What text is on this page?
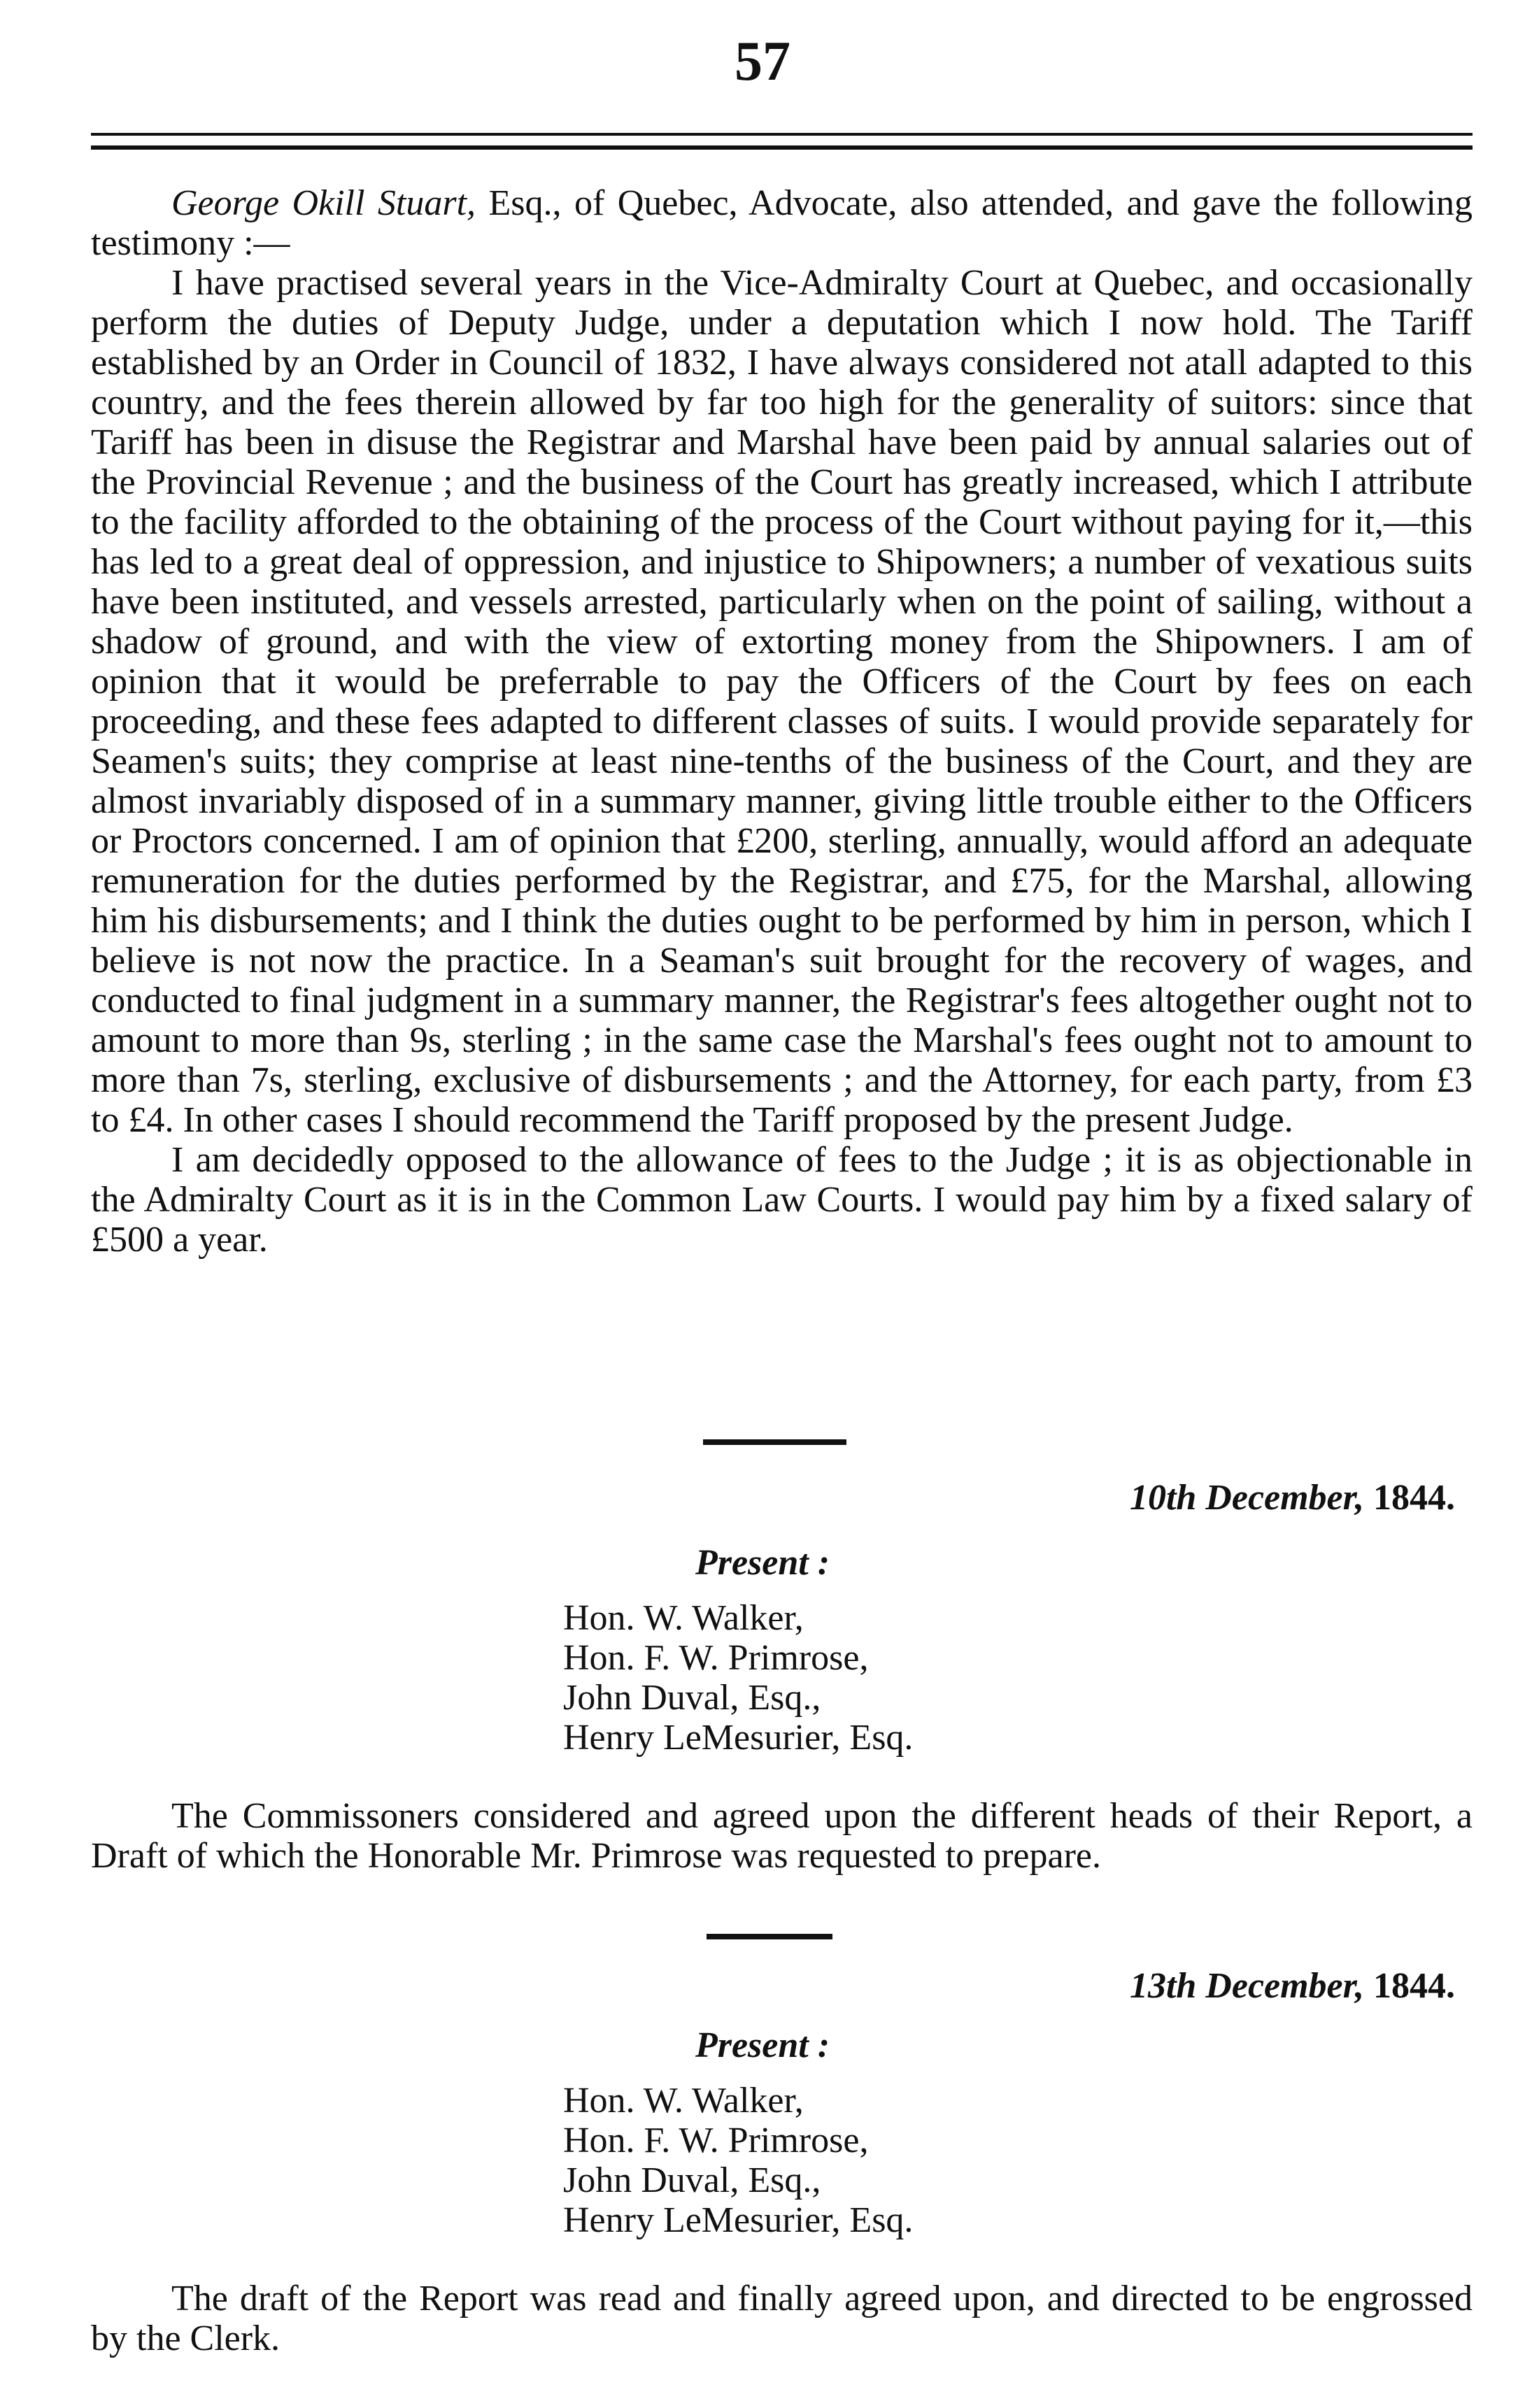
57

George Okill Stuart, Esq., of Quebec, Advocate, also attended, and gave the following testimony :—

I have practised several years in the Vice-Admiralty Court at Quebec, and occasionally perform the duties of Deputy Judge, under a deputation which I now hold. The Tariff established by an Order in Council of 1832, I have always considered not atall adapted to this country, and the fees therein allowed by far too high for the generality of suitors: since that Tariff has been in disuse the Registrar and Marshal have been paid by annual salaries out of the Provincial Revenue ; and the business of the Court has greatly increased, which I attribute to the facility afforded to the obtaining of the process of the Court without paying for it,—this has led to a great deal of oppression, and injustice to Shipowners; a number of vexatious suits have been instituted, and vessels arrested, particularly when on the point of sailing, without a shadow of ground, and with the view of extorting money from the Shipowners. I am of opinion that it would be preferrable to pay the Officers of the Court by fees on each proceeding, and these fees adapted to different classes of suits. I would provide separately for Seamen's suits; they comprise at least nine-tenths of the business of the Court, and they are almost invariably disposed of in a summary manner, giving little trouble either to the Officers or Proctors concerned. I am of opinion that £200, sterling, annually, would afford an adequate remuneration for the duties performed by the Registrar, and £75, for the Marshal, allowing him his disbursements; and I think the duties ought to be performed by him in person, which I believe is not now the practice. In a Seaman's suit brought for the recovery of wages, and conducted to final judgment in a summary manner, the Registrar's fees altogether ought not to amount to more than 9s, sterling ; in the same case the Marshal's fees ought not to amount to more than 7s, sterling, exclusive of disbursements ; and the Attorney, for each party, from £3 to £4. In other cases I should recommend the Tariff proposed by the present Judge.

I am decidedly opposed to the allowance of fees to the Judge ; it is as objectionable in the Admiralty Court as it is in the Common Law Courts. I would pay him by a fixed salary of £500 a year.

10th December, 1844.
Present :
Hon. W. Walker,
Hon. F. W. Primrose,
John Duval, Esq.,
Henry LeMesurier, Esq.

The Commissoners considered and agreed upon the different heads of their Report, a Draft of which the Honorable Mr. Primrose was requested to prepare.

13th December, 1844.
Present :
Hon. W. Walker,
Hon. F. W. Primrose,
John Duval, Esq.,
Henry LeMesurier, Esq.

The draft of the Report was read and finally agreed upon, and directed to be engrossed by the Clerk.
